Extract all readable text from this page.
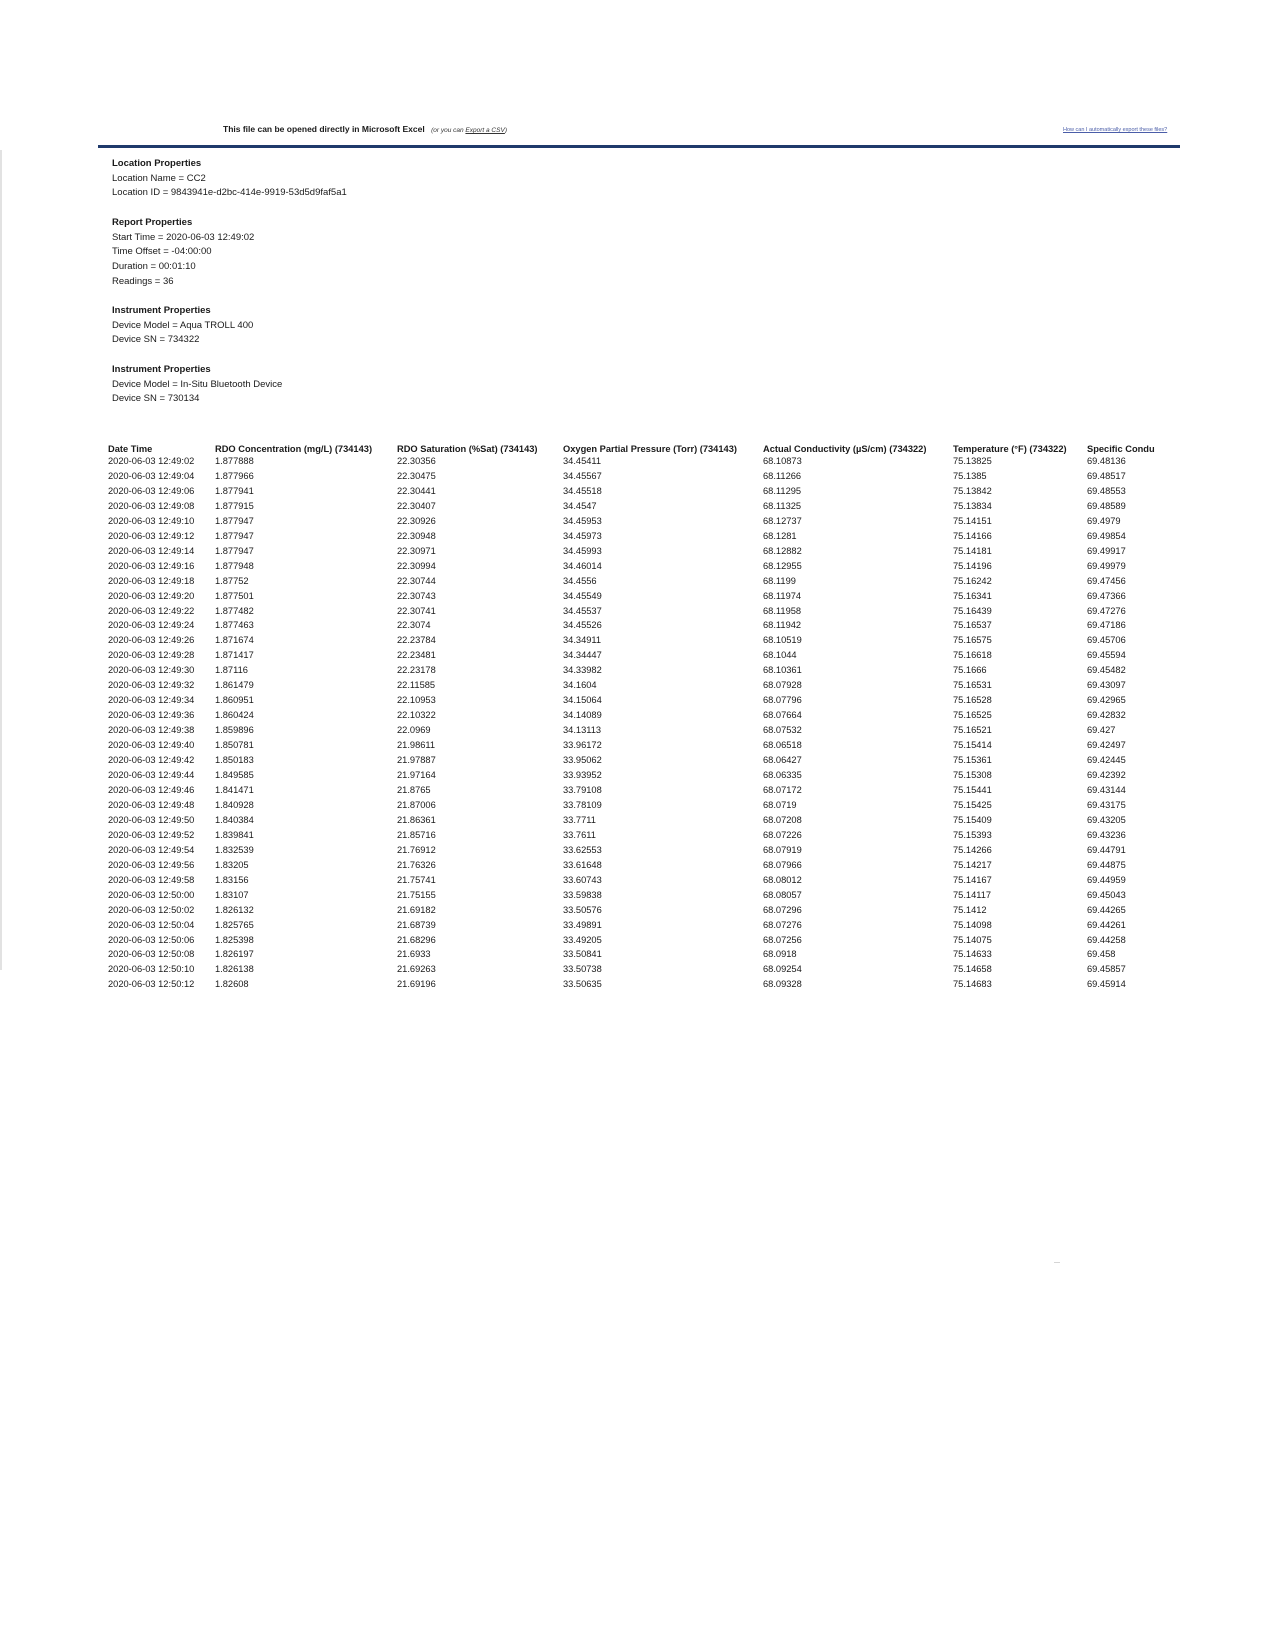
This file can be opened directly in Microsoft Excel (or you can Export a CSV)	How can I automatically export these files?
Location Properties
Location Name = CC2
Location ID = 9843941e-d2bc-414e-9919-53d5d9faf5a1
Report Properties
Start Time = 2020-06-03 12:49:02
Time Offset = -04:00:00
Duration = 00:01:10
Readings = 36
Instrument Properties
Device Model = Aqua TROLL 400
Device SN = 734322
Instrument Properties
Device Model = In-Situ Bluetooth Device
Device SN = 730134
Date Time	RDO Concentration (mg/L) (734143)	RDO Saturation (%Sat) (734143)	Oxygen Partial Pressure (Torr) (734143)	Actual Conductivity (µS/cm) (734322)	Temperature (°F) (734322)	Specific Condu
2020-06-03 12:49:02	1.877888	22.30356	34.45411	68.10873	75.13825	69.48136
2020-06-03 12:49:04	1.877966	22.30475	34.45567	68.11266	75.1385	69.48517
2020-06-03 12:49:06	1.877941	22.30441	34.45518	68.11295	75.13842	69.48553
2020-06-03 12:49:08	1.877915	22.30407	34.4547	68.11325	75.13834	69.48589
2020-06-03 12:49:10	1.877947	22.30926	34.45953	68.12737	75.14151	69.4979
2020-06-03 12:49:12	1.877947	22.30948	34.45973	68.1281	75.14166	69.49854
2020-06-03 12:49:14	1.877947	22.30971	34.45993	68.12882	75.14181	69.49917
2020-06-03 12:49:16	1.877948	22.30994	34.46014	68.12955	75.14196	69.49979
2020-06-03 12:49:18	1.87752	22.30744	34.4556	68.1199	75.16242	69.47456
2020-06-03 12:49:20	1.877501	22.30743	34.45549	68.11974	75.16341	69.47366
2020-06-03 12:49:22	1.877482	22.30741	34.45537	68.11958	75.16439	69.47276
2020-06-03 12:49:24	1.877463	22.3074	34.45526	68.11942	75.16537	69.47186
2020-06-03 12:49:26	1.871674	22.23784	34.34911	68.10519	75.16575	69.45706
2020-06-03 12:49:28	1.871417	22.23481	34.34447	68.1044	75.16618	69.45594
2020-06-03 12:49:30	1.87116	22.23178	34.33982	68.10361	75.1666	69.45482
2020-06-03 12:49:32	1.861479	22.11585	34.1604	68.07928	75.16531	69.43097
2020-06-03 12:49:34	1.860951	22.10953	34.15064	68.07796	75.16528	69.42965
2020-06-03 12:49:36	1.860424	22.10322	34.14089	68.07664	75.16525	69.42832
2020-06-03 12:49:38	1.859896	22.0969	34.13113	68.07532	75.16521	69.427
2020-06-03 12:49:40	1.850781	21.98611	33.96172	68.06518	75.15414	69.42497
2020-06-03 12:49:42	1.850183	21.97887	33.95062	68.06427	75.15361	69.42445
2020-06-03 12:49:44	1.849585	21.97164	33.93952	68.06335	75.15308	69.42392
2020-06-03 12:49:46	1.841471	21.8765	33.79108	68.07172	75.15441	69.43144
2020-06-03 12:49:48	1.840928	21.87006	33.78109	68.0719	75.15425	69.43175
2020-06-03 12:49:50	1.840384	21.86361	33.7711	68.07208	75.15409	69.43205
2020-06-03 12:49:52	1.839841	21.85716	33.7611	68.07226	75.15393	69.43236
2020-06-03 12:49:54	1.832539	21.76912	33.62553	68.07919	75.14266	69.44791
2020-06-03 12:49:56	1.83205	21.76326	33.61648	68.07966	75.14217	69.44875
2020-06-03 12:49:58	1.83156	21.75741	33.60743	68.08012	75.14167	69.44959
2020-06-03 12:50:00	1.83107	21.75155	33.59838	68.08057	75.14117	69.45043
2020-06-03 12:50:02	1.826132	21.69182	33.50576	68.07296	75.1412	69.44265
2020-06-03 12:50:04	1.825765	21.68739	33.49891	68.07276	75.14098	69.44261
2020-06-03 12:50:06	1.825398	21.68296	33.49205	68.07256	75.14075	69.44258
2020-06-03 12:50:08	1.826197	21.6933	33.50841	68.0918	75.14633	69.458
2020-06-03 12:50:10	1.826138	21.69263	33.50738	68.09254	75.14658	69.45857
2020-06-03 12:50:12	1.82608	21.69196	33.50635	68.09328	75.14683	69.45914
